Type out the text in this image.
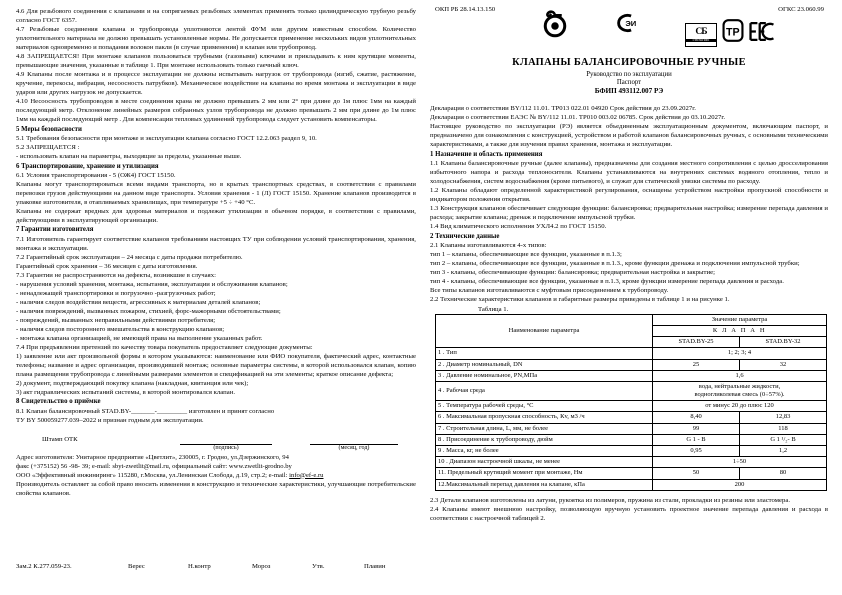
4.6 Для резьбового соединения с клапанами и на сопрягаемых резьбовых элементах применять только цилиндрическую трубную резьбу согласно ГОСТ 6357.

4.7 Резьбовые соединения клапана и трубопровода уплотняются лентой ФУМ или другим известным способом. Количество уплотнительного материала не должно превышать установленные нормы. Не допускается применение нескольких видов уплотнительных материалов одновременно и попадания волокон пакли (в случае применения) в клапан или трубопровод.

4.8 ЗАПРЕЩАЕТСЯ! При монтаже клапанов пользоваться трубными (газовыми) ключами и прикладывать к ним крутящие моменты, превышающие значения, указанные в таблице 1. При монтаже использовать только гаечный ключ.

4.9 Клапаны после монтажа и в процессе эксплуатации не должны испытывать нагрузок от трубопровода (изгиб, сжатие, растяжение, кручение, перекосы, вибрация, несоосность патрубков). Механическое воздействие на клапаны во время монтажа и эксплуатации в виде ударов или других нагрузок не допускается.

4.10 Несоосность трубопроводов в месте соединения крана не должно превышать 2 мм или 2° при длине до 1м плюс 1мм на каждый последующий метр. Отклонение линейных размеров собранных узлов трубопровода не должно превышать 2 мм при длине до 1м плюс 1мм на каждый последующий метр . Для компенсации тепловых удлинений трубопровода следует установить компенсаторы.

5 Меры безопасности

5.1 Требования безопасности при монтаже и эксплуатации клапана согласно ГОСТ 12.2.063 раздел 9, 10.

5.2 ЗАПРЕЩАЕТСЯ :

- использовать клапан на параметры, выходящие за пределы, указанные выше.

6 Транспортирование, хранение и утилизация

6.1 Условия транспортирования - 5 (ОЖ4) ГОСТ 15150.

Клапаны могут транспортироваться всеми видами транспорта, но в крытых транспортных средствах, в соответствии с правилами перевозки грузов действующими на данном виде транспорта. Условия хранения - 1 (Л) ГОСТ 15150. Хранение клапанов производится в упаковке изготовителя, в отапливаемых хранилищах, при температуре +5 ÷ +40 °С.

Клапаны не содержат вредных для здоровья материалов и подлежат утилизации в обычном порядке, в соответствии с правилами, действующими в эксплуатирующей организации.

7 Гарантии изготовителя

7.1 Изготовитель гарантирует соответствие клапанов требованиям настоящих ТУ при соблюдении условий транспортирования, хранения, монтажа и эксплуатации.

7.2 Гарантийный срок эксплуатации – 24 месяца с даты продажи потребителю.

Гарантийный срок хранения – 36 месяцев с даты изготовления.

7.3 Гарантии не распространяются на дефекты, возникшие в случаях:

- нарушения условий хранения, монтажа, испытания, эксплуатации и обслуживания клапанов;

- ненадлежащей транспортировки и погрузочно -разгрузочных работ;

- наличия следов воздействия веществ, агрессивных к материалам деталей клапанов;

- наличия повреждений, вызванных пожаром, стихией, форс-мажорными обстоятельствами;

- повреждений, вызванных неправильными действиями потребителя;

- наличия следов постороннего вмешательства в конструкцию клапанов;

- монтажа клапана организацией, не имеющей права на выполнение указанных работ.

7.4 При предъявлении претензий по качеству товара покупатель предоставляет следующие документы:

1) заявление или акт произвольной формы в котором указываются: наименование или ФИО покупателя, фактический адрес, контактные телефоны; название и адрес организации, производившей монтаж; основные параметры системы, в которой использовался клапан, копию плана размещения трубопровода с линейными размерами элементов и спецификацией на эти элементы; краткое описание дефекта;

2) документ, подтверждающий покупку клапана (накладная, квитанция или чек);

3) акт гидравлических испытаний системы, в которой монтировался клапан.

8 Свидетельство о приёмке

8.1 Клапан балансировочный STAD.BY-_______-_________ изготовлен и принят согласно

ТУ BY 500059277.039–2022 и признан годным для эксплуатации.

Штамп ОТК
(подпись)	(месяц, год)

Адрес изготовителя: Унитарное предприятие «Цветлит», 230005, г. Гродно, ул.Дзержинского, 94

факс (+375152) 56 -98- 39; e-mail: sbyt-zwetlit@mail.ru, официальный сайт: www.zwetlit-grodno.by

ООО «Эффективный инжиниринг» 115280, г.Москва, ул.Ленинская Слобода, д.19, стр.2; e-mail: info@ef-e.ru

Производитель оставляет за собой право вносить изменения в конструкцию и технические характеристики, улучшающие потребительские свойства клапанов.

Зам.2 К.277.059-23.	Верес	Н.контр	Мороз	Утв.	Плавин
ОКП РБ 28.14.13.150	ОГКС 23.060.99
ЭИ
СБ
СТБ ISO 9001
TP
КЛАПАНЫ БАЛАНСИРОВОЧНЫЕ РУЧНЫЕ
Руководство по эксплуатации
Паспорт
БФИП 493112.007 РЭ

Декларация о соответствии BY/112 11.01. ТР013 022.01 04920 Срок действия до 23.09.2027г.

Декларация о соответствии ЕАЭС № BY/112 11.01. ТР010 003.02 06785. Срок действия до 03.10.2027г.

Настоящее руководство по эксплуатации (РЭ) является объединенным эксплуатационным документом, включающим паспорт, и предназначено для ознакомления с конструкцией, устройством и работой клапанов балансировочных ручных, с основными техническими характеристиками, а также для изучения правил хранения, монтажа и эксплуатации.

1 Назначение и область применения

1.1 Клапаны балансировочные ручные (далее клапаны), предназначены для создания местного сопротивления с целью дросселирования избыточного напора и расхода теплоносителя. Клапаны устанавливаются на внутренних системах водяного отопления, тепло и холодоснабжения, систем водоснабжения (кроме питьевого), и служат для статической увязки системы по расходу.

1.2 Клапаны обладают определенной характеристикой регулирования, оснащены устройством настройки пропускной способности и индикатором положения открытия.

1.3 Конструкция клапанов обеспечивает следующие функции: балансировка; предварительная настройка; измерение перепада давления и расхода; закрытие клапана; дренаж и подключение импульсной трубки.

1.4 Вид климатического исполнения УХЛ4.2 по ГОСТ 15150.

2 Технические данные

2.1 Клапаны изготавливаются 4-х типов:

тип 1 – клапаны, обеспечивающие все функции, указанные в п.1.3;

тип 2 – клапаны, обеспечивающие все функции, указанные в п.1.3., кроме функции дренажа и подключения импульсной трубки;

тип 3 - клапаны, обеспечивающие функции: балансировка; предварительная настройка и закрытие;

тип 4 - клапаны, обеспечивающие все функции, указанные в п.1.3, кроме функции измерение перепада давления и расхода.

Все типы клапанов изготавливаются с муфтовым присоединением к трубопроводу.

2.2 Технические характеристики клапанов и габаритные размеры приведены в таблице 1 и на рисунке 1.

Таблица 1.
Наименование параметра	Значение параметра	
	К Л А П А Н	
	STAD.BY-25	STAD.BY-32
1 . Тип	1; 2; 3; 4	
2 . Диаметр номинальный, DN	25	32
3 . Давление номинальное, PN,МПа	1,6	
4 . Рабочая среда	вода, нейтральные жидкости,
водногликолевая смесь (0÷57%).	
5 . Температура рабочей среды, °С	от минус 20 до плюс 120	
6 . Максимальная пропускная способность, Кv, м3 /ч	8,40	12,83
7 . Строительная длина, L, мм, не более	99	118
8 . Присоединение к трубопроводу, дюйм	G 1 - B	G 1 ¹/₂- B
9 . Масса, кг, не более	0,95	1,2
10 . Диапазон настроечной шкалы, не менее	1÷50	
11. Предельный крутящий момент при монтаже, Нм	50	80
12.Максимальный перепад давления на клапане, кПа	200	

2.3 Детали клапанов изготовлены из латуни, рукоятка из полимеров, пружина из стали, прокладки из резины или эластомера.

2.4 Клапаны имеют внешнюю настройку, позволяющую вручную установить проектное значение перепада давления и расхода в соответствии с настроечной таблицей 2.
